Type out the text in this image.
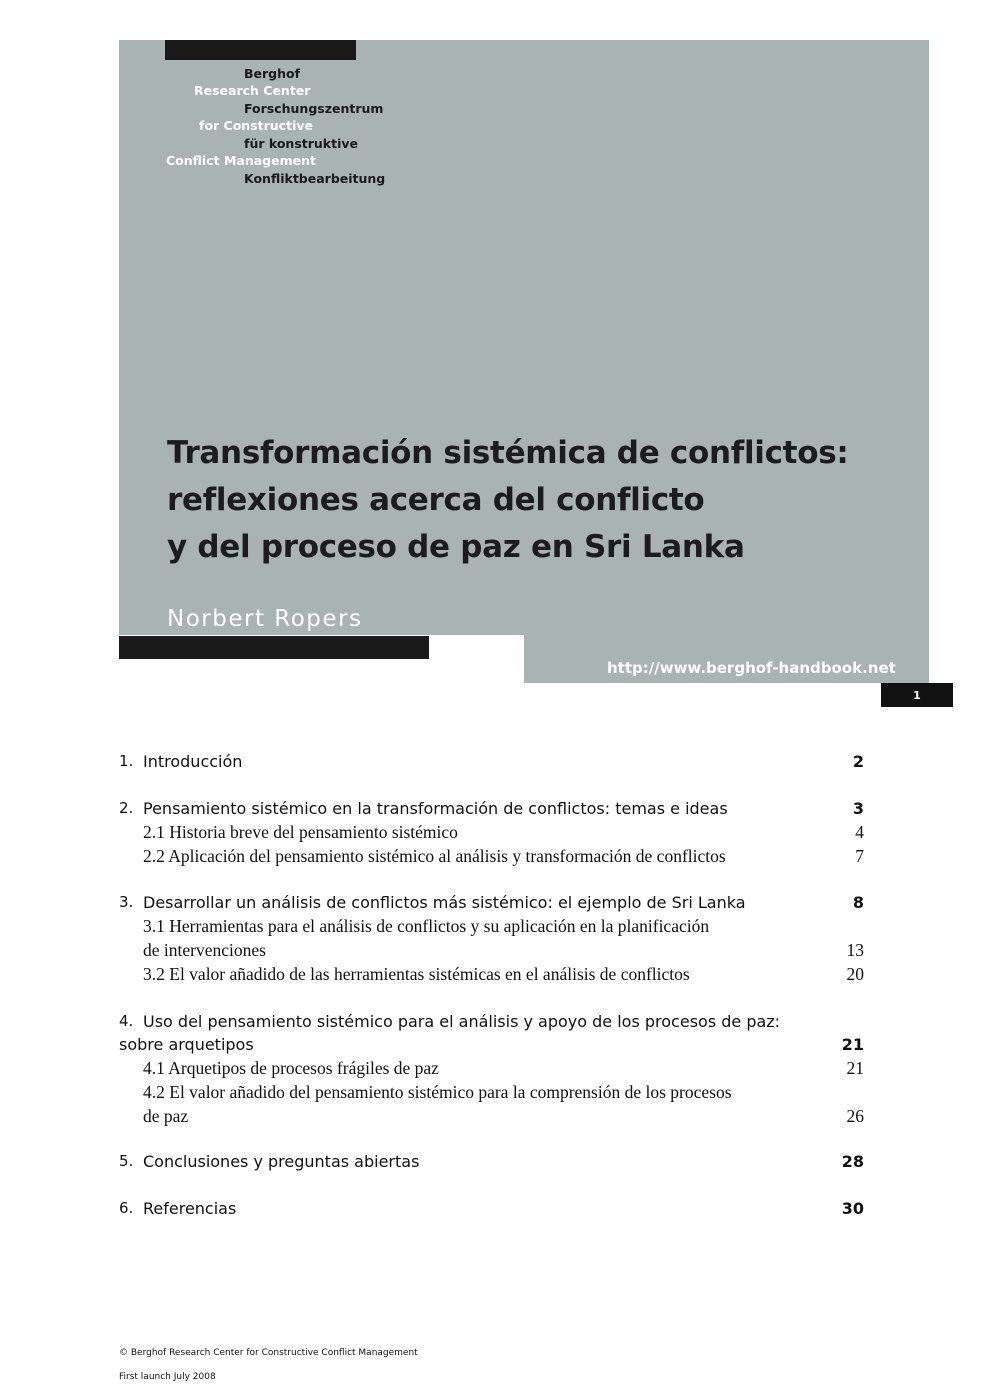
Berghof
Research Center
Forschungszentrum
for Constructive
für konstruktive
Conflict Management
Konfliktbearbeitung
Transformación sistémica de conflictos:
reflexiones acerca del conflicto
y del proceso de paz en Sri Lanka
Norbert Ropers
http://www.berghof-handbook.net
1
1. Introducción	2
2. Pensamiento sistémico en la transformación de conflictos: temas e ideas	3
2.1 Historia breve del pensamiento sistémico	4
2.2 Aplicación del pensamiento sistémico al análisis y transformación de conflictos	7
3. Desarrollar un análisis de conflictos más sistémico: el ejemplo de Sri Lanka	8
3.1 Herramientas para el análisis de conflictos y su aplicación en la planificación
de intervenciones	13
3.2 El valor añadido de las herramientas sistémicas en el análisis de conflictos	20
4. Uso del pensamiento sistémico para el análisis y apoyo de los procesos de paz:
sobre arquetipos	21
4.1 Arquetipos de procesos frágiles de paz	21
4.2 El valor añadido del pensamiento sistémico para la comprensión de los procesos
de paz	26
5. Conclusiones y preguntas abiertas	28
6. Referencias	30
© Berghof Research Center for Constructive Conflict Management
First launch July 2008
